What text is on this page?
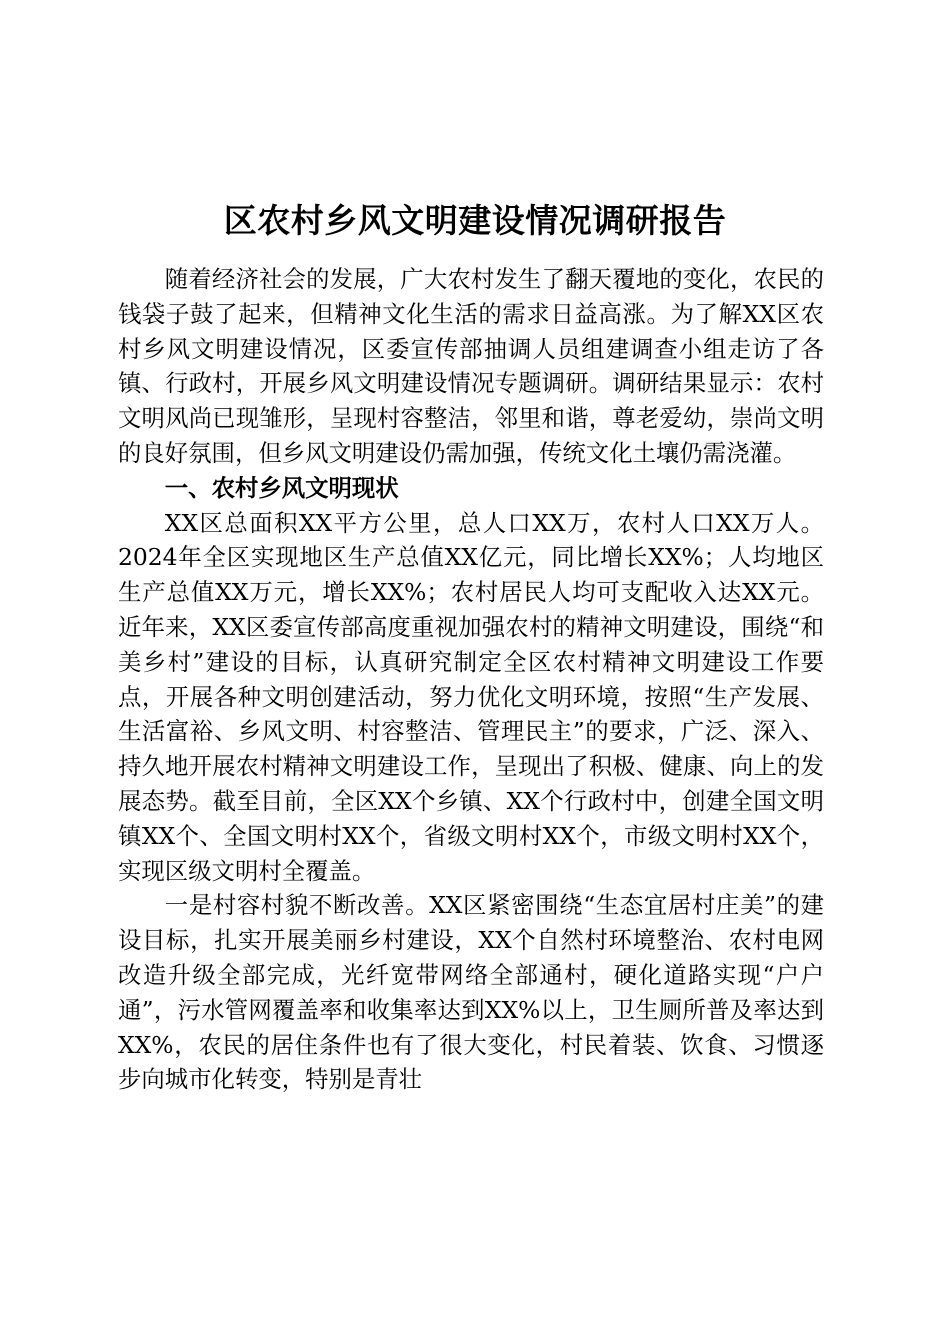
区农村乡风文明建设情况调研报告

随着经济社会的发展，广大农村发生了翻天覆地的变化，农民的钱袋子鼓了起来，但精神文化生活的需求日益高涨。为了解XX区农村乡风文明建设情况，区委宣传部抽调人员组建调查小组走访了各镇、行政村，开展乡风文明建设情况专题调研。调研结果显示：农村文明风尚已现雏形，呈现村容整洁，邻里和谐，尊老爱幼，崇尚文明的良好氛围，但乡风文明建设仍需加强，传统文化土壤仍需浇灌。

一、农村乡风文明现状

XX区总面积XX平方公里，总人口XX万，农村人口XX万人。2024年全区实现地区生产总值XX亿元，同比增长XX%；人均地区生产总值XX万元，增长XX%；农村居民人均可支配收入达XX元。近年来，XX区委宣传部高度重视加强农村的精神文明建设，围绕“和美乡村”建设的目标，认真研究制定全区农村精神文明建设工作要点，开展各种文明创建活动，努力优化文明环境，按照“生产发展、生活富裕、乡风文明、村容整洁、管理民主”的要求，广泛、深入、持久地开展农村精神文明建设工作，呈现出了积极、健康、向上的发展态势。截至目前，全区XX个乡镇、XX个行政村中，创建全国文明镇XX个、全国文明村XX个，省级文明村XX个，市级文明村XX个，实现区级文明村全覆盖。

一是村容村貌不断改善。XX区紧密围绕“生态宜居村庄美”的建设目标，扎实开展美丽乡村建设，XX个自然村环境整治、农村电网改造升级全部完成，光纤宽带网络全部通村，硬化道路实现“户户通”，污水管网覆盖率和收集率达到XX%以上，卫生厕所普及率达到XX%，农民的居住条件也有了很大变化，村民着装、饮食、习惯逐步向城市化转变，特别是青壮
